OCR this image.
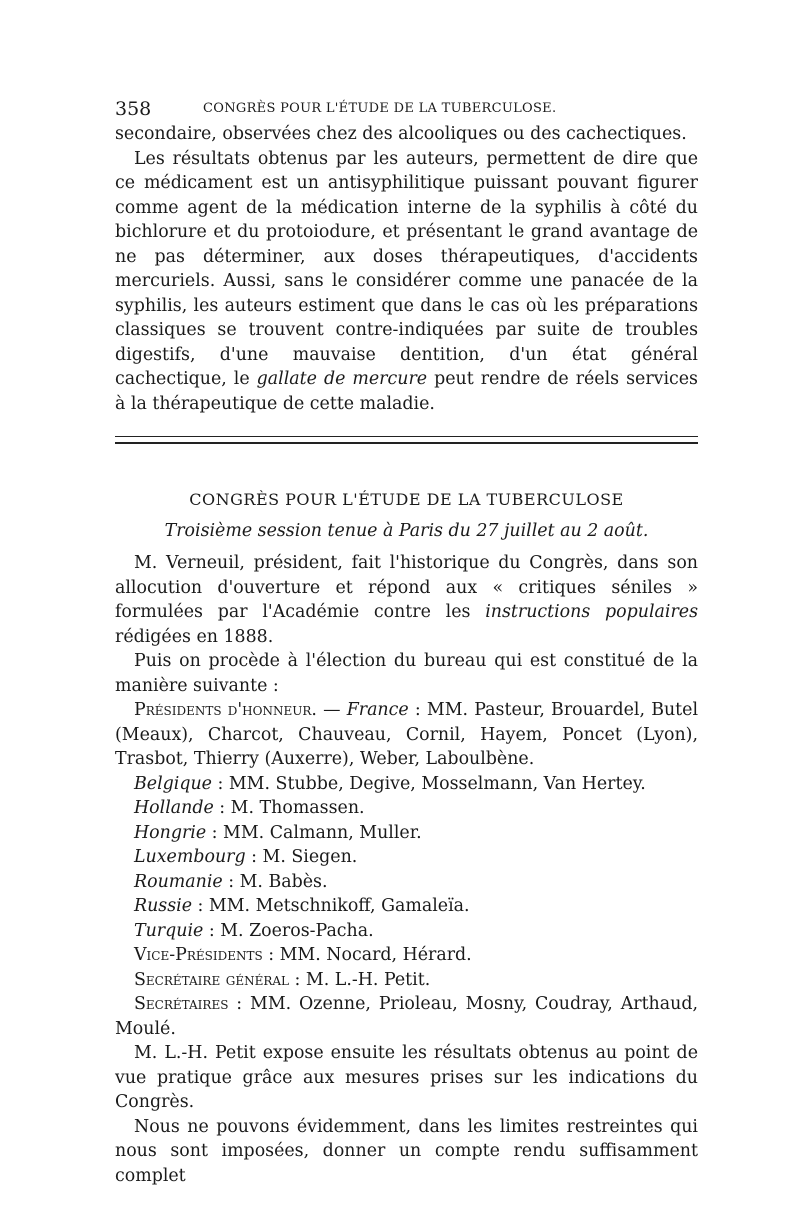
358	CONGRÈS POUR L'ÉTUDE DE LA TUBERCULOSE.

secondaire, observées chez des alcooliques ou des cachectiques.

Les résultats obtenus par les auteurs, permettent de dire que ce médicament est un antisyphilitique puissant pouvant figurer comme agent de la médication interne de la syphilis à côté du bichlorure et du protoiodure, et présentant le grand avantage de ne pas déterminer, aux doses thérapeutiques, d'accidents mercuriels. Aussi, sans le considérer comme une panacée de la syphilis, les auteurs estiment que dans le cas où les préparations classiques se trouvent contre-indiquées par suite de troubles digestifs, d'une mauvaise dentition, d'un état général cachectique, le gallate de mercure peut rendre de réels services à la thérapeutique de cette maladie.

CONGRÈS POUR L'ÉTUDE DE LA TUBERCULOSE
Troisième session tenue à Paris du 27 juillet au 2 août.

M. Verneuil, président, fait l'historique du Congrès, dans son allocution d'ouverture et répond aux « critiques séniles » formulées par l'Académie contre les instructions populaires rédigées en 1888.

Puis on procède à l'élection du bureau qui est constitué de la manière suivante :

Présidents d'honneur. — France : MM. Pasteur, Brouardel, Butel (Meaux), Charcot, Chauveau, Cornil, Hayem, Poncet (Lyon), Trasbot, Thierry (Auxerre), Weber, Laboulbène.

Belgique : MM. Stubbe, Degive, Mosselmann, Van Hertey.

Hollande : M. Thomassen.

Hongrie : MM. Calmann, Muller.

Luxembourg : M. Siegen.

Roumanie : M. Babès.

Russie : MM. Metschnikoff, Gamaleïa.

Turquie : M. Zoeros-Pacha.

Vice-Présidents : MM. Nocard, Hérard.

Secrétaire général : M. L.-H. Petit.

Secrétaires : MM. Ozenne, Prioleau, Mosny, Coudray, Arthaud, Moulé.

M. L.-H. Petit expose ensuite les résultats obtenus au point de vue pratique grâce aux mesures prises sur les indications du Congrès.

Nous ne pouvons évidemment, dans les limites restreintes qui nous sont imposées, donner un compte rendu suffisamment complet
